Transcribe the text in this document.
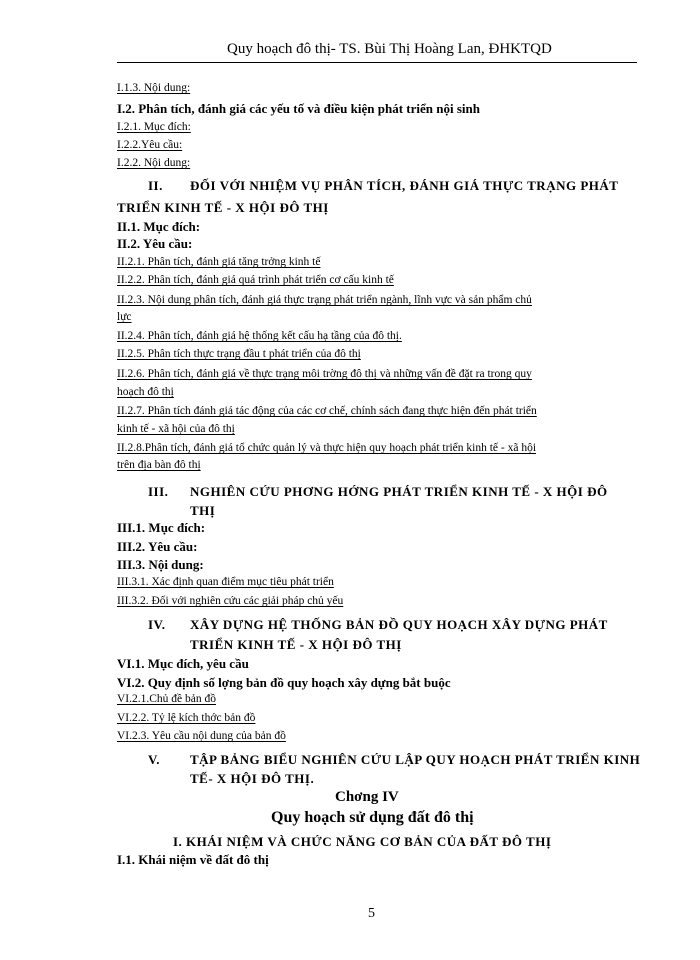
Quy hoạch đô thị- TS. Bùi Thị Hoàng Lan, ĐHKTQD
I.1.3. Nội dung:
I.2. Phân tích, đánh giá các yếu tố và điều kiện phát triển nội sinh
I.2.1. Mục đích:
I.2.2.Yêu cầu:
I.2.2. Nội dung:
II. ĐỐI VỚI NHIỆM VỤ PHÂN TÍCH, ĐÁNH GIÁ THỰC TRẠNG PHÁT
TRIỂN KINH TẾ - X HỘI ĐÔ THỊ
II.1. Mục đích:
II.2. Yêu cầu:
II.2.1. Phân tích, đánh giá tăng trởng kinh tế
II.2.2. Phân tích, đánh giá quá trình phát triển cơ cấu kinh tế
II.2.3. Nội dung phân tích, đánh giá thực trạng phát triển ngành, lĩnh vực và sản phẩm chủ
lực
II.2.4. Phân tích, đánh giá hệ thống kết cấu hạ tầng của đô thị.
II.2.5. Phân tích thực trạng đầu t phát triển của đô thị
II.2.6. Phân tích, đánh giá về thực trạng môi trờng đô thị và những vấn đề đặt ra trong quy
hoạch đô thị
II.2.7. Phân tích đánh giá tác động của các cơ chế, chính sách đang thực hiện đến phát triển
kinh tế - xã hội của đô thị
II.2.8.Phân tích, đánh giá tổ chức quản lý và thực hiện quy hoạch phát triển kinh tế - xã hội
trên địa bàn đô thị
III. NGHIÊN CỨU PHƠNG HỚNG PHÁT TRIỂN KINH TẾ - X HỘI ĐÔ
THỊ
III.1. Mục đích:
III.2. Yêu cầu:
III.3. Nội dung:
III.3.1. Xác định quan điểm mục tiêu phát triển
III.3.2. Đối với nghiên cứu các giải pháp chủ yếu
IV. XÂY DỰNG HỆ THỐNG BẢN ĐỒ QUY HOẠCH XÂY DỰNG PHÁT
TRIỂN KINH TẾ - X HỘI ĐÔ THỊ
VI.1. Mục đích, yêu cầu
VI.2. Quy định số lợng bản đồ quy hoạch xây dựng bắt buộc
VI.2.1.Chủ đề bản đồ
VI.2.2. Tỷ lệ kích thớc bản đồ
VI.2.3. Yêu cầu nội dung của bản đồ
V. TẬP BẢNG BIỂU NGHIÊN CỨU LẬP QUY HOẠCH PHÁT TRIỂN KINH
TẾ- X HỘI ĐÔ THỊ.
Chơng IV
Quy hoạch sử dụng đất đô thị
I. KHÁI NIỆM VÀ CHỨC NĂNG CƠ BẢN CỦA ĐẤT ĐÔ THỊ
I.1. Khái niệm về đất đô thị
5
